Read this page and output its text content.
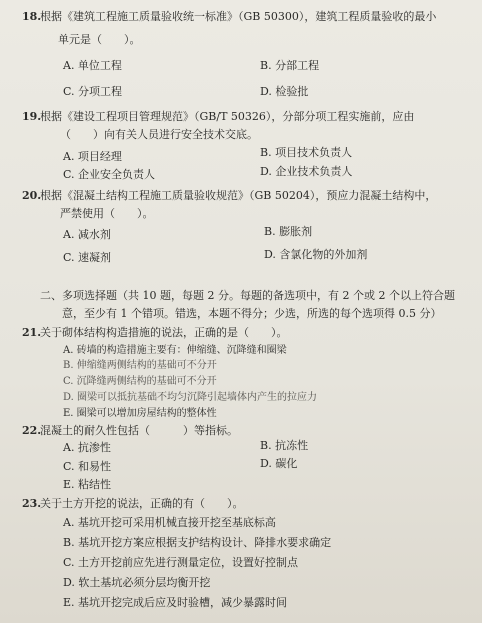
18.
根据《建筑工程施工质量验收统一标准》（GB 50300），建筑工程质量验收的最小
单元是（　　）。
A. 单位工程	B. 分部工程
C. 分项工程	D. 检验批
19.
根据《建设工程项目管理规范》（GB/T 50326），分部分项工程实施前，应由
（　　）向有关人员进行安全技术交底。
A. 项目经理	B. 项目技术负责人
C. 企业安全负责人	D. 企业技术负责人
20.
根据《混凝土结构工程施工质量验收规范》（GB 50204），预应力混凝土结构中，
严禁使用（　　）。
A. 减水剂	B. 膨胀剂
C. 速凝剂	D. 含氯化物的外加剂
二、多项选择题（共 10 题，每题 2 分。每题的备选项中，有 2 个或 2 个以上符合题
意，至少有 1 个错项。错选，本题不得分；少选，所选的每个选项得 0.5 分）
21.
关于砌体结构构造措施的说法，正确的是（　　）。
A. 砖墙的构造措施主要有：伸缩缝、沉降缝和圈梁
B. 伸缩缝两侧结构的基础可不分开
C. 沉降缝两侧结构的基础可不分开
D. 圈梁可以抵抗基础不均匀沉降引起墙体内产生的拉应力
E. 圈梁可以增加房屋结构的整体性
22.
混凝土的耐久性包括（　　　）等指标。
A. 抗渗性	B. 抗冻性
C. 和易性	D. 碳化
E. 粘结性
23.
关于土方开挖的说法，正确的有（　　）。
A. 基坑开挖可采用机械直接开挖至基底标高
B. 基坑开挖方案应根据支护结构设计、降排水要求确定
C. 土方开挖前应先进行测量定位，设置好控制点
D. 软土基坑必须分层均衡开挖
E. 基坑开挖完成后应及时验槽，减少暴露时间
